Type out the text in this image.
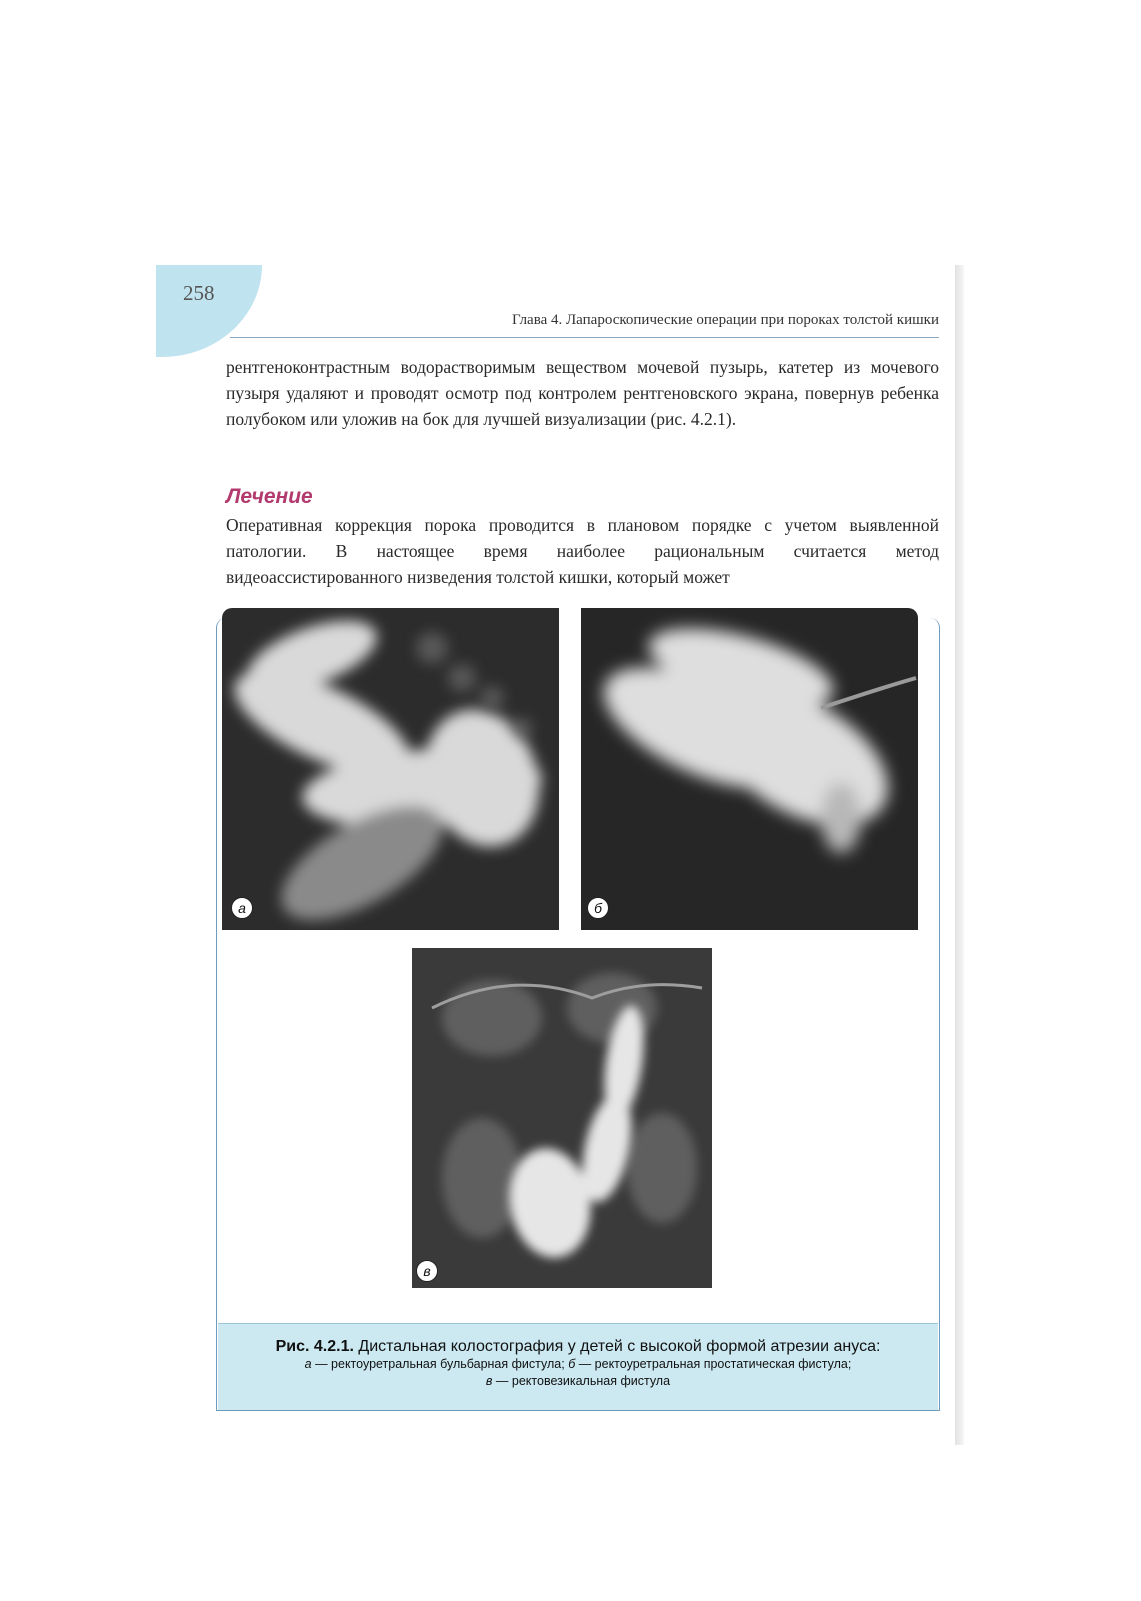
258
Глава 4. Лапароскопические операции при пороках толстой кишки
рентгеноконтрастным водорастворимым веществом мочевой пузырь, катетер из мочевого пузыря удаляют и проводят осмотр под контролем рентгеновского экрана, повернув ребенка полубоком или уложив на бок для лучшей визуализации (рис. 4.2.1).
Лечение
Оперативная коррекция порока проводится в плановом порядке с учетом выявленной патологии. В настоящее время наиболее рациональным считается метод видеоассистированного низведения толстой кишки, который может
а	б
в
Рис. 4.2.1. Дистальная колостография у детей с высокой формой атрезии ануса:
а — ректоуретральная бульбарная фистула; б — ректоуретральная простатическая фистула;
в — ректовезикальная фистула
